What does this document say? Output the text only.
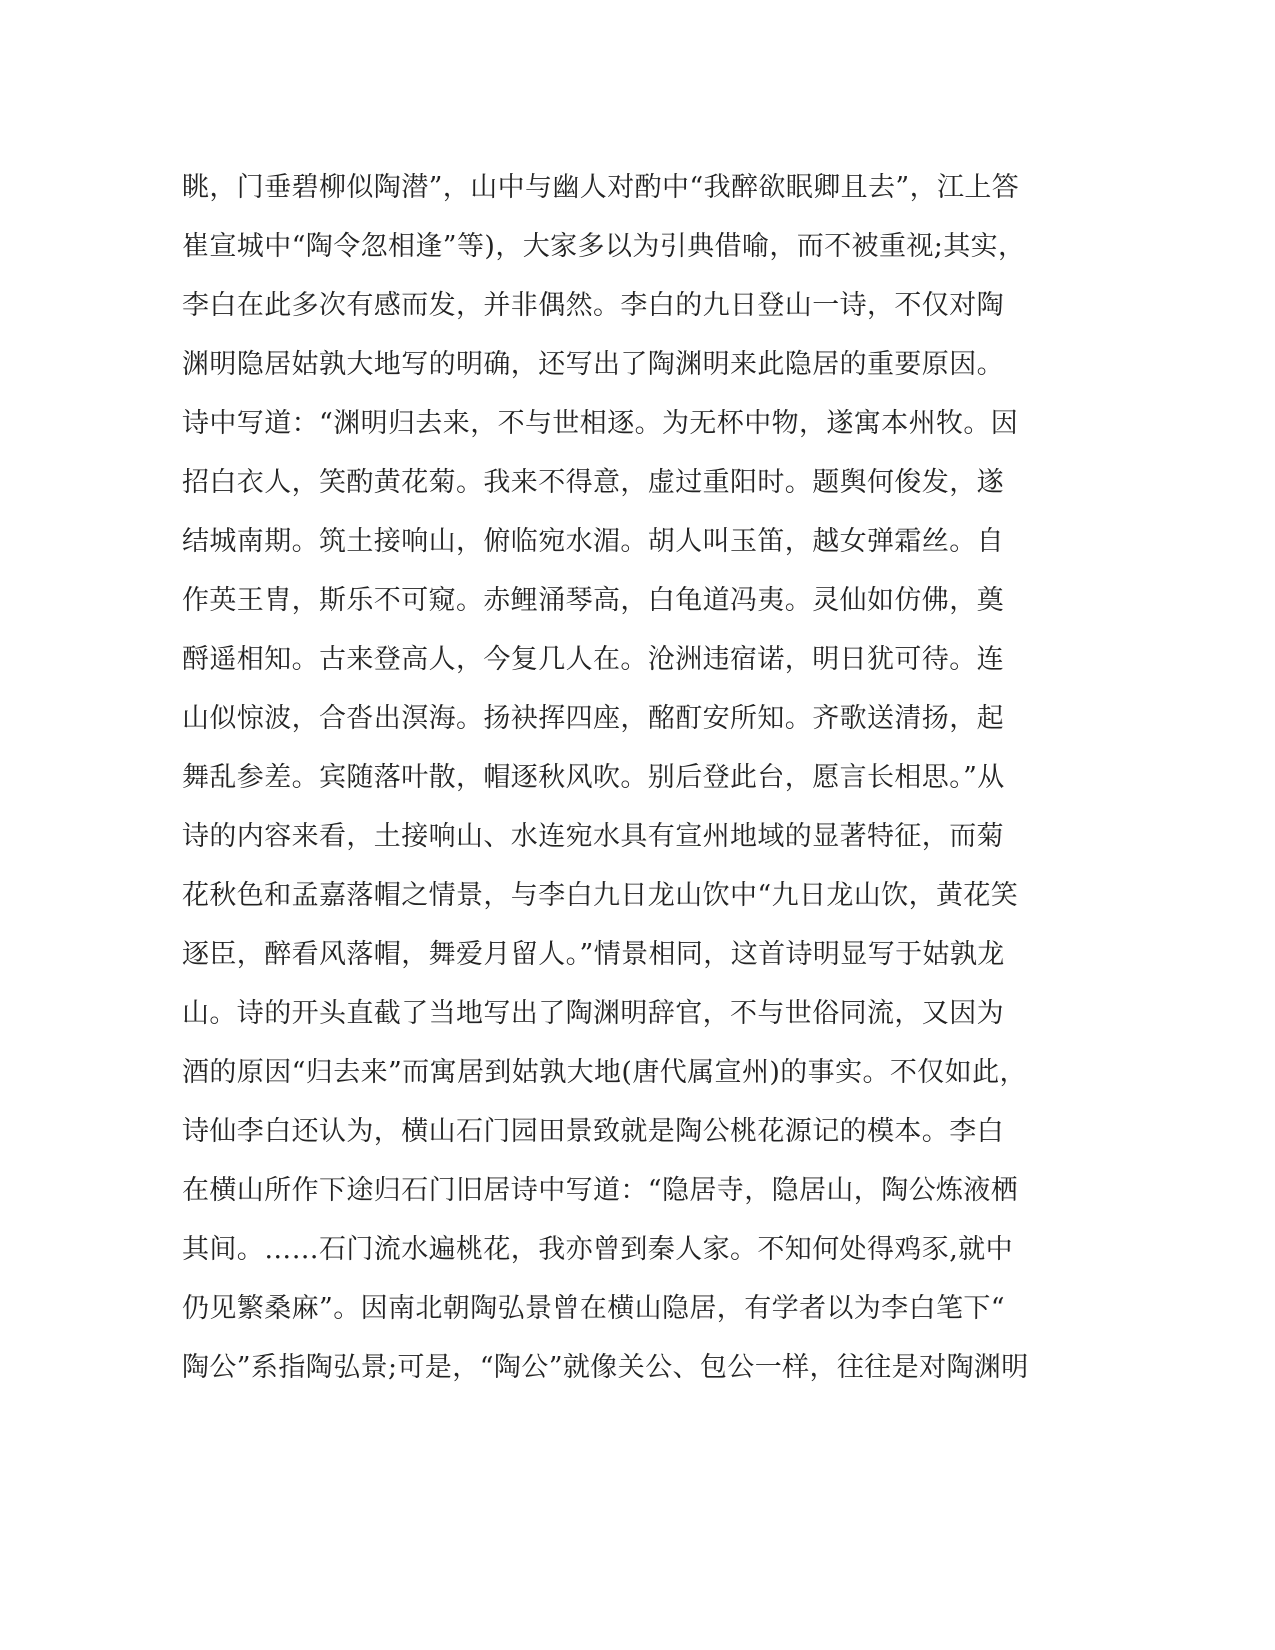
眺，门垂碧柳似陶潜”，山中与幽人对酌中“我醉欲眠卿且去”，江上答
崔宣城中“陶令忽相逢”等)，大家多以为引典借喻，而不被重视;其实，
李白在此多次有感而发，并非偶然。李白的九日登山一诗，不仅对陶
渊明隐居姑孰大地写的明确，还写出了陶渊明来此隐居的重要原因。
诗中写道：“渊明归去来，不与世相逐。为无杯中物，遂寓本州牧。因
招白衣人，笑酌黄花菊。我来不得意，虚过重阳时。题舆何俊发，遂
结城南期。筑土接响山，俯临宛水湄。胡人叫玉笛，越女弹霜丝。自
作英王胄，斯乐不可窥。赤鲤涌琴高，白龟道冯夷。灵仙如仿佛，奠
酹遥相知。古来登高人，今复几人在。沧洲违宿诺，明日犹可待。连
山似惊波，合沓出溟海。扬袂挥四座，酩酊安所知。齐歌送清扬，起
舞乱参差。宾随落叶散，帽逐秋风吹。别后登此台，愿言长相思。”从
诗的内容来看，土接响山、水连宛水具有宣州地域的显著特征，而菊
花秋色和孟嘉落帽之情景，与李白九日龙山饮中“九日龙山饮，黄花笑
逐臣，醉看风落帽，舞爱月留人。”情景相同，这首诗明显写于姑孰龙
山。诗的开头直截了当地写出了陶渊明辞官，不与世俗同流，又因为
酒的原因“归去来”而寓居到姑孰大地(唐代属宣州)的事实。不仅如此，
诗仙李白还认为，横山石门园田景致就是陶公桃花源记的模本。李白
在横山所作下途归石门旧居诗中写道：“隐居寺，隐居山，陶公炼液栖
其间。……石门流水遍桃花，我亦曾到秦人家。不知何处得鸡豕,就中
仍见繁桑麻”。因南北朝陶弘景曾在横山隐居，有学者以为李白笔下“
陶公”系指陶弘景;可是，“陶公”就像关公、包公一样，往往是对陶渊明
